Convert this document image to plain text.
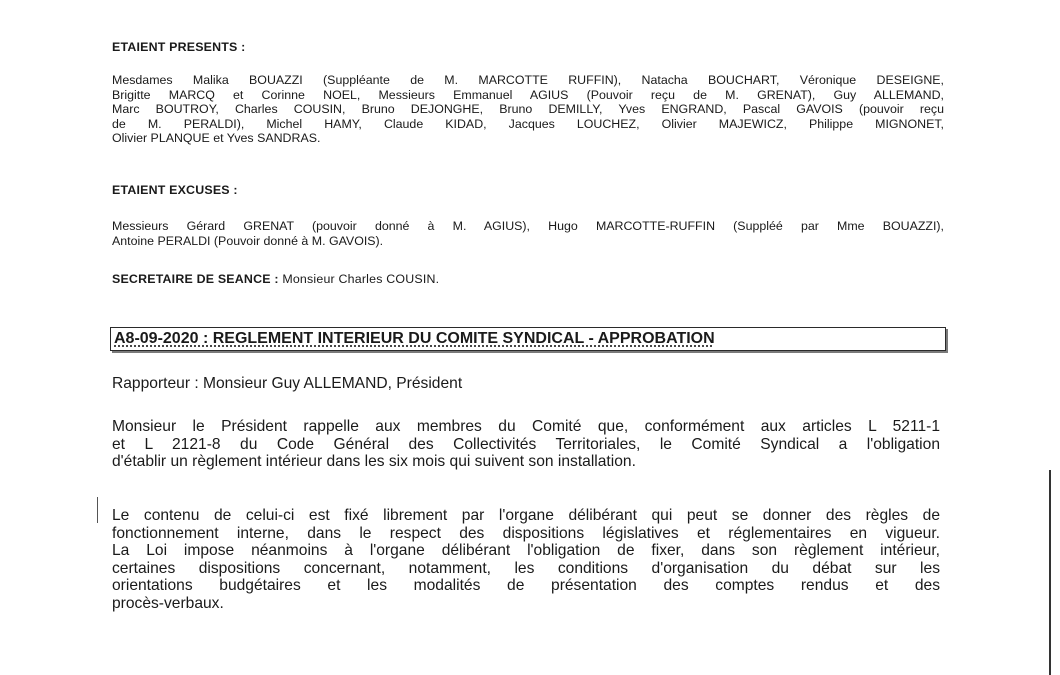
ETAIENT PRESENTS :

Mesdames Malika BOUAZZI (Suppléante de M. MARCOTTE RUFFIN), Natacha BOUCHART, Véronique DESEIGNE,
Brigitte MARCQ et Corinne NOEL, Messieurs Emmanuel AGIUS (Pouvoir reçu de M. GRENAT), Guy ALLEMAND,
Marc BOUTROY, Charles COUSIN, Bruno DEJONGHE, Bruno DEMILLY, Yves ENGRAND, Pascal GAVOIS (pouvoir reçu
de M. PERALDI), Michel HAMY, Claude KIDAD, Jacques LOUCHEZ, Olivier MAJEWICZ, Philippe MIGNONET,
Olivier PLANQUE et Yves SANDRAS.

ETAIENT EXCUSES :

Messieurs Gérard GRENAT (pouvoir donné à M. AGIUS), Hugo MARCOTTE-RUFFIN (Suppléé par Mme BOUAZZI),
Antoine PERALDI (Pouvoir donné à M. GAVOIS).

SECRETAIRE DE SEANCE : Monsieur Charles COUSIN.
A8-09-2020 : REGLEMENT INTERIEUR DU COMITE SYNDICAL - APPROBATION
Rapporteur : Monsieur Guy ALLEMAND, Président

Monsieur le Président rappelle aux membres du Comité que, conformément aux articles L 5211-1
et L 2121-8 du Code Général des Collectivités Territoriales, le Comité Syndical a l'obligation
d'établir un règlement intérieur dans les six mois qui suivent son installation.

Le contenu de celui-ci est fixé librement par l'organe délibérant qui peut se donner des règles de
fonctionnement interne, dans le respect des dispositions législatives et réglementaires en vigueur.
La Loi impose néanmoins à l'organe délibérant l'obligation de fixer, dans son règlement intérieur,
certaines dispositions concernant, notamment, les conditions d'organisation du débat sur les
orientations budgétaires et les modalités de présentation des comptes rendus et des
procès-verbaux.
